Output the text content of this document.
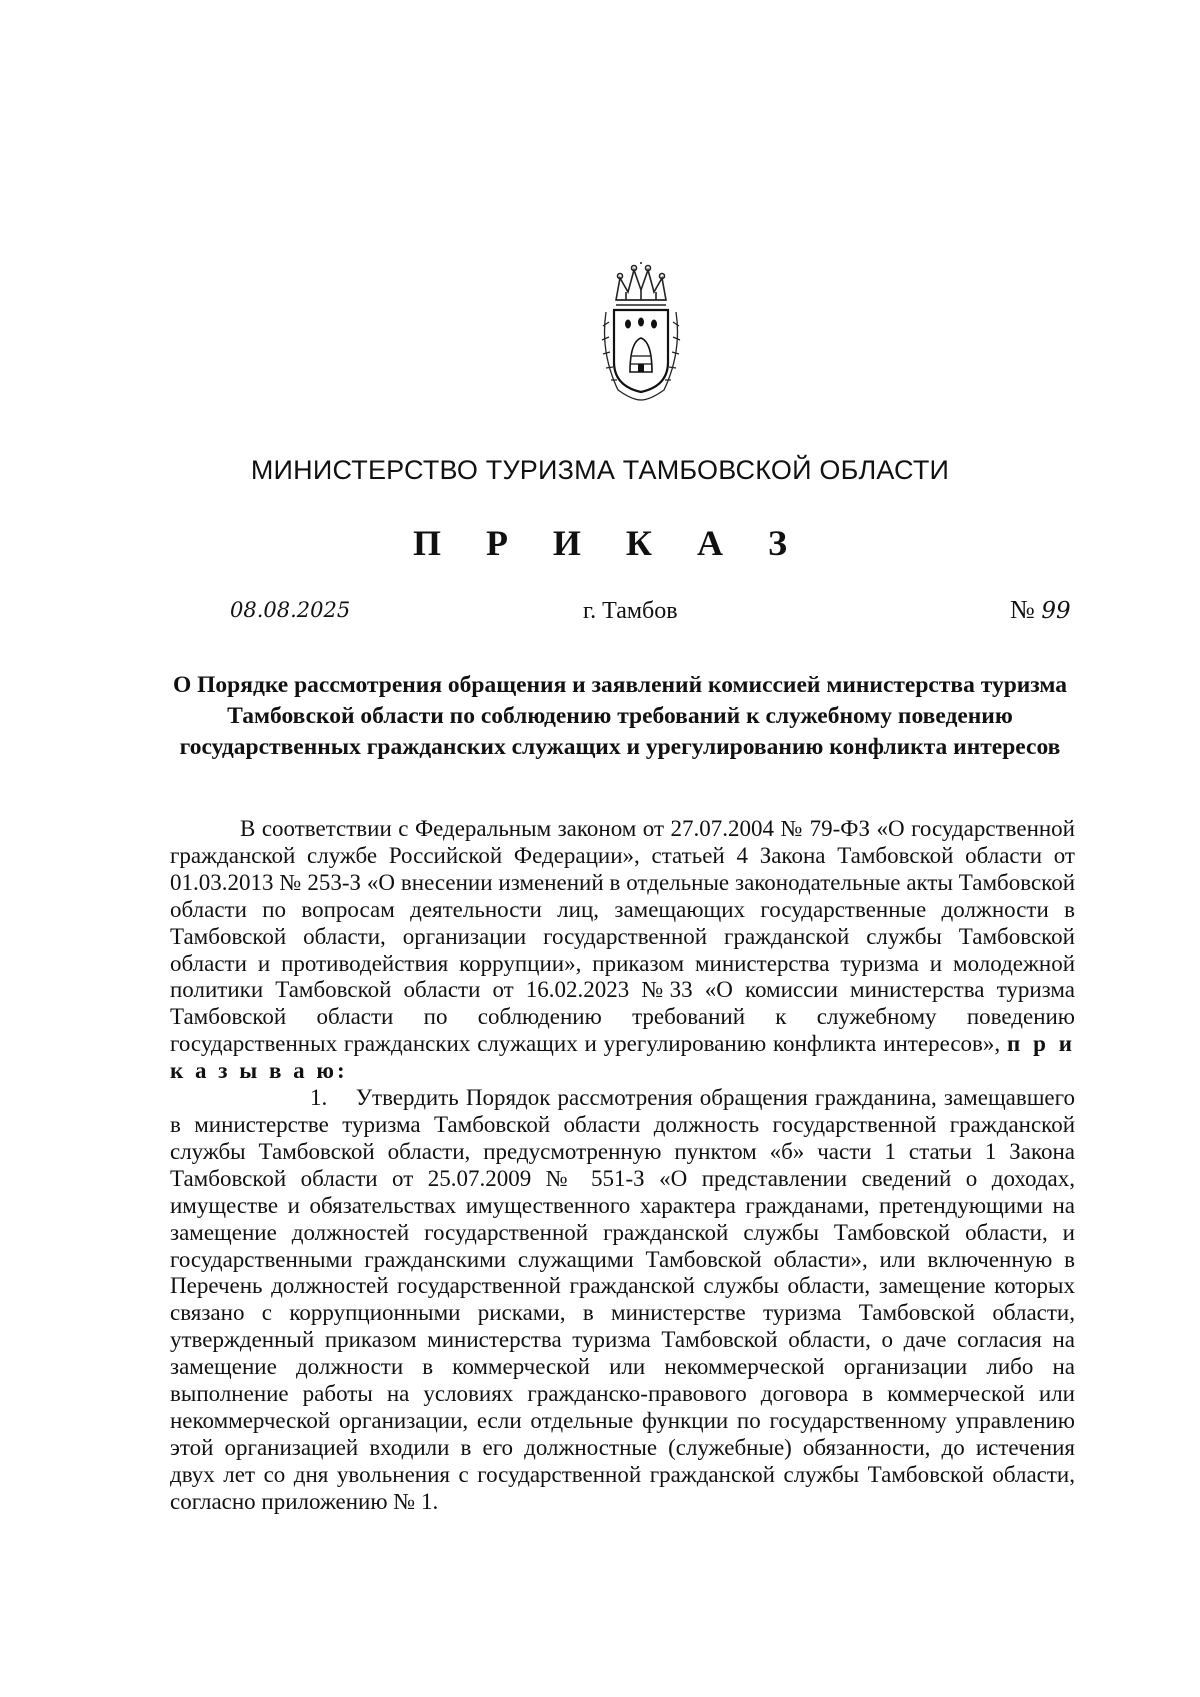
МИНИСТЕРСТВО ТУРИЗМА ТАМБОВСКОЙ ОБЛАСТИ
П Р И К А З
08.08.2025	г. Тамбов	№ 99
О Порядке рассмотрения обращения и заявлений комиссией министерства туризма Тамбовской области по соблюдению требований к служебному поведению государственных гражданских служащих и урегулированию конфликта интересов

В соответствии с Федеральным законом от 27.07.2004 № 79-ФЗ «О государственной гражданской службе Российской Федерации», статьей 4 Закона Тамбовской области от 01.03.2013 № 253-З «О внесении изменений в отдельные законодательные акты Тамбовской области по вопросам деятельности лиц, замещающих государственные должности в Тамбовской области, организации государственной гражданской службы Тамбовской области и противодействия коррупции», приказом министерства туризма и молодежной политики Тамбовской области от 16.02.2023 №33 «О комиссии министерства туризма Тамбовской области по соблюдению требований к служебному поведению государственных гражданских служащих и урегулированию конфликта интересов», п р и к а з ы в а ю:

1. Утвердить Порядок рассмотрения обращения гражданина, замещавшего в министерстве туризма Тамбовской области должность государственной гражданской службы Тамбовской области, предусмотренную пунктом «б» части 1 статьи 1 Закона Тамбовской области от 25.07.2009 № 551-З «О представлении сведений о доходах, имуществе и обязательствах имущественного характера гражданами, претендующими на замещение должностей государственной гражданской службы Тамбовской области, и государственными гражданскими служащими Тамбовской области», или включенную в Перечень должностей государственной гражданской службы области, замещение которых связано с коррупционными рисками, в министерстве туризма Тамбовской области, утвержденный приказом министерства туризма Тамбовской области, о даче согласия на замещение должности в коммерческой или некоммерческой организации либо на выполнение работы на условиях гражданско-правового договора в коммерческой или некоммерческой организации, если отдельные функции по государственному управлению этой организацией входили в его должностные (служебные) обязанности, до истечения двух лет со дня увольнения с государственной гражданской службы Тамбовской области, согласно приложению № 1.
